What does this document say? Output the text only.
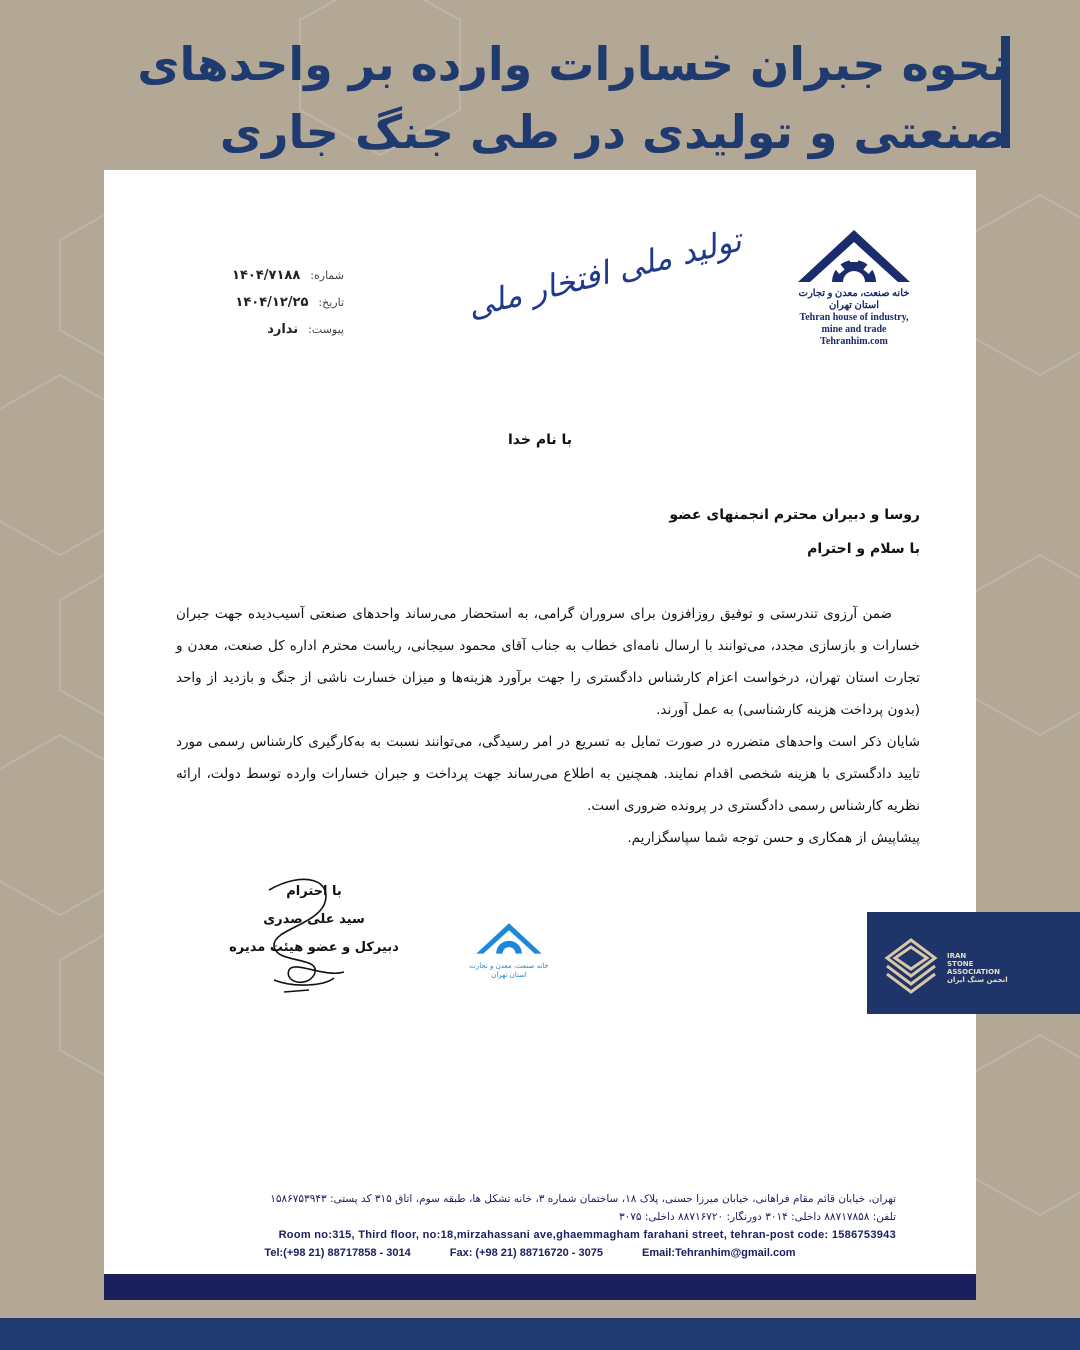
نحوه جبران خسارات وارده بر واحدهای
صنعتی و تولیدی در طی جنگ جاری
خانه صنعت، معدن و تجارت
استان تهران
Tehran house of industry,
mine and trade
Tehranhim.com
تولید ملی افتخار ملی
شماره:
۱۴۰۴/۷۱۸۸
تاریخ:
۱۴۰۴/۱۲/۲۵
پیوست:
ندارد
با نام خدا
روسا و دبیران محترم انجمنهای عضو
با سلام و احترام

ضمن آرزوی تندرستی و توفیق روزافزون برای سروران گرامی، به استحضار می‌رساند واحدهای صنعتی آسیب‌دیده جهت جبران خسارات و بازسازی مجدد، می‌توانند با ارسال نامه‌ای خطاب به جناب آقای محمود سیجانی، ریاست محترم اداره کل صنعت، معدن و تجارت استان تهران، درخواست اعزام کارشناس دادگستری را جهت برآورد هزینه‌ها و میزان خسارت ناشی از جنگ و بازدید از واحد (بدون پرداخت هزینه کارشناسی) به عمل آورند.

شایان ذکر است واحدهای متضرره در صورت تمایل به تسریع در امر رسیدگی، می‌توانند نسبت به به‌کارگیری کارشناس رسمی مورد تایید دادگستری با هزینه شخصی اقدام نمایند. همچنین به اطلاع می‌رساند جهت پرداخت و جبران خسارات وارده توسط دولت، ارائه نظریه کارشناس رسمی دادگستری در پرونده ضروری است.

پیشاپیش از همکاری و حسن توجه شما سپاسگزاریم.

با احترام
سید علی صدری
دبیرکل و عضو هیئت مدیره
خانه صنعت، معدن و تجارت
استان تهران
تهران، خیابان قائم مقام فراهانی، خیابان میرزا حسنی، پلاک ۱۸، ساختمان شماره ۳، خانه تشکل ها، طبقه سوم، اتاق ۳۱۵ کد پستی: ۱۵۸۶۷۵۳۹۴۳
تلفن: ۸۸۷۱۷۸۵۸ داخلی: ۳۰۱۴ دورنگار: ۸۸۷۱۶۷۲۰ داخلی: ۳۰۷۵
Room no:315, Third floor, no:18,mirzahassani ave,ghaemmagham farahani street, tehran-post code: 1586753943
Tel:(+98 21) 88717858 - 3014	Fax: (+98 21) 88716720 - 3075	Email:Tehranhim@gmail.com
IRAN
STONE
ASSOCIATION
انجمن سنگ ایران
